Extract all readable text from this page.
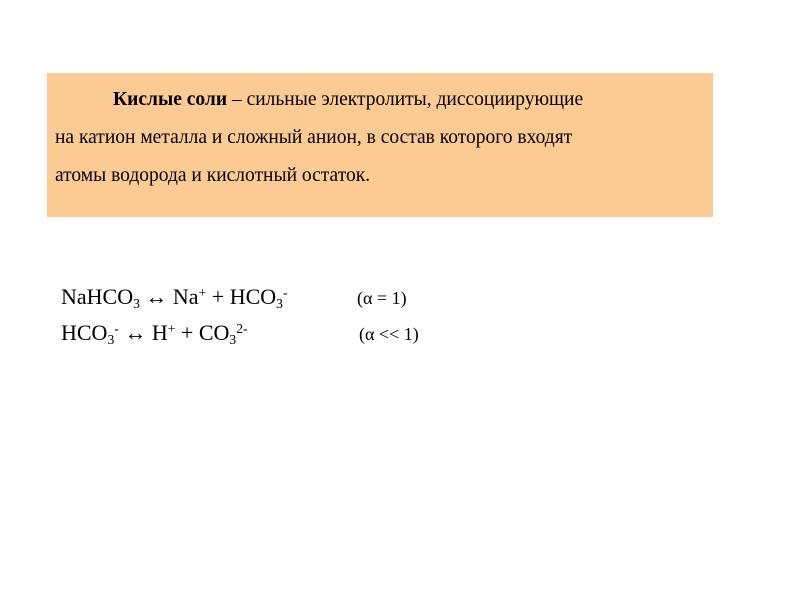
Кислые соли – сильные электролиты, диссоциирующие
на катион металла и сложный анион, в состав которого входят
атомы водорода и кислотный остаток.
NaHCO$_3$ ↔ $Na^+ + HCO_3^-$	(α = 1)
$HCO_3^-$ ↔ $H^+ + CO_3^{2-}$	(α << 1)
